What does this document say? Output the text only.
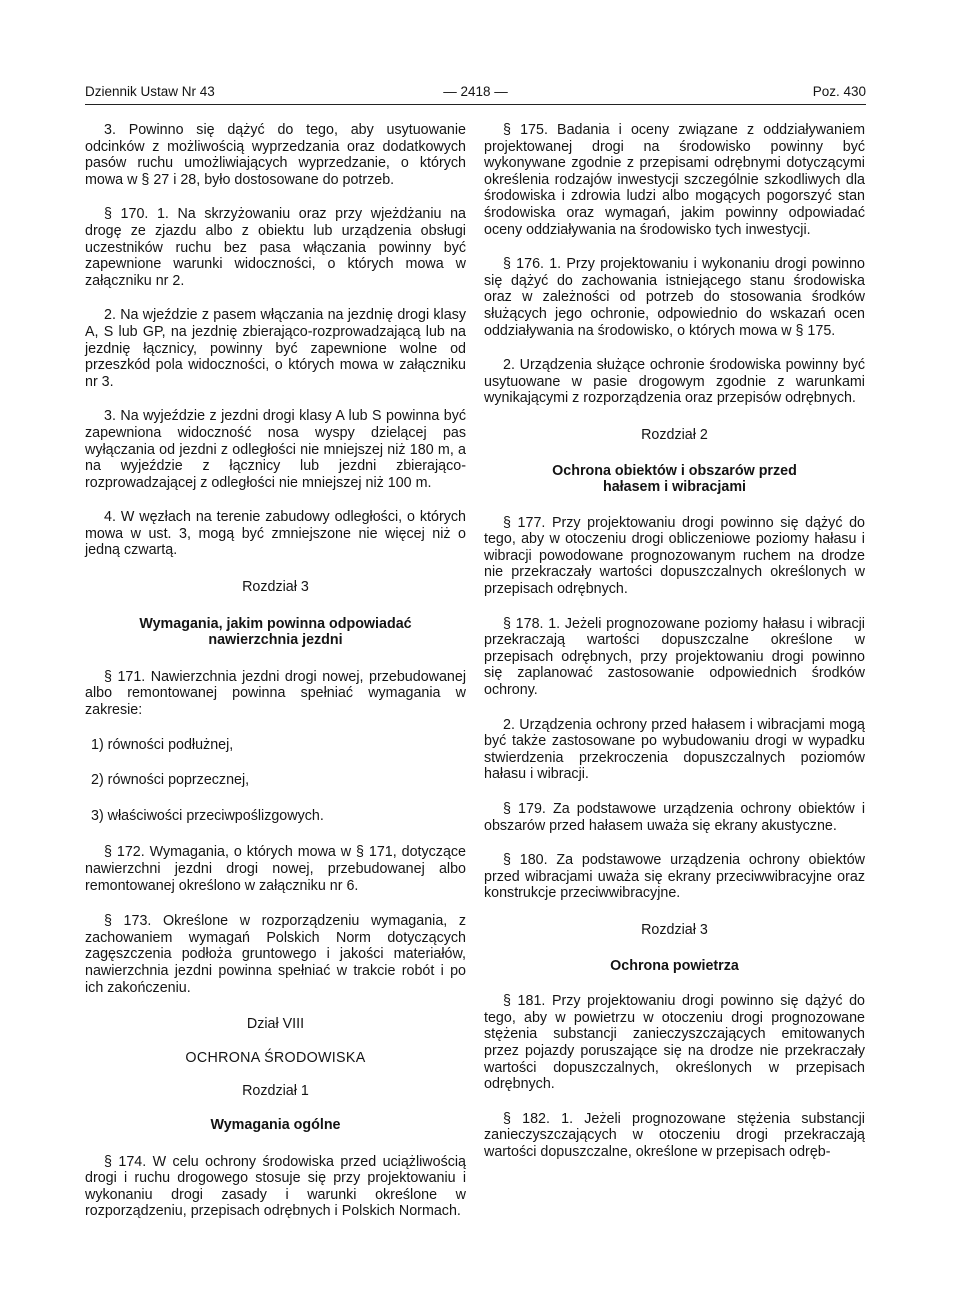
Dziennik Ustaw Nr 43	— 2418 —	Poz. 430

3. Powinno się dążyć do tego, aby usytuowanie odcinków z możliwością wyprzedzania oraz dodatkowych pasów ruchu umożliwiających wyprzedzanie, o których mowa w § 27 i 28, było dostosowane do potrzeb.

§ 170. 1. Na skrzyżowaniu oraz przy wjeżdżaniu na drogę ze zjazdu albo z obiektu lub urządzenia obsługi uczestników ruchu bez pasa włączania powinny być zapewnione warunki widoczności, o których mowa w załączniku nr 2.

2. Na wjeździe z pasem włączania na jezdnię drogi klasy A, S lub GP, na jezdnię zbierająco-rozprowadzającą lub na jezdnię łącznicy, powinny być zapewnione wolne od przeszkód pola widoczności, o których mowa w załączniku nr 3.

3. Na wyjeździe z jezdni drogi klasy A lub S powinna być zapewniona widoczność nosa wyspy dzielącej pas wyłączania od jezdni z odległości nie mniejszej niż 180 m, a na wyjeździe z łącznicy lub jezdni zbierająco-rozprowadzającej z odległości nie mniejszej niż 100 m.

4. W węzłach na terenie zabudowy odległości, o których mowa w ust. 3, mogą być zmniejszone nie więcej niż o jedną czwartą.

Rozdział 3
Wymagania, jakim powinna odpowiadać nawierzchnia jezdni

§ 171. Nawierzchnia jezdni drogi nowej, przebudowanej albo remontowanej powinna spełniać wymagania w zakresie:

1) równości podłużnej,

2) równości poprzecznej,

3) właściwości przeciwpoślizgowych.

§ 172. Wymagania, o których mowa w § 171, dotyczące nawierzchni jezdni drogi nowej, przebudowanej albo remontowanej określono w załączniku nr 6.

§ 173. Określone w rozporządzeniu wymagania, z zachowaniem wymagań Polskich Norm dotyczących zagęszczenia podłoża gruntowego i jakości materiałów, nawierzchnia jezdni powinna spełniać w trakcie robót i po ich zakończeniu.

Dział VIII
OCHRONA ŚRODOWISKA
Rozdział 1
Wymagania ogólne

§ 174. W celu ochrony środowiska przed uciążliwością drogi i ruchu drogowego stosuje się przy projektowaniu i wykonaniu drogi zasady i warunki określone w rozporządzeniu, przepisach odrębnych i Polskich Normach.

§ 175. Badania i oceny związane z oddziaływaniem projektowanej drogi na środowisko powinny być wykonywane zgodnie z przepisami odrębnymi dotyczącymi określenia rodzajów inwestycji szczególnie szkodliwych dla środowiska i zdrowia ludzi albo mogących pogorszyć stan środowiska oraz wymagań, jakim powinny odpowiadać oceny oddziaływania na środowisko tych inwestycji.

§ 176. 1. Przy projektowaniu i wykonaniu drogi powinno się dążyć do zachowania istniejącego stanu środowiska oraz w zależności od potrzeb do stosowania środków służących jego ochronie, odpowiednio do wskazań ocen oddziaływania na środowisko, o których mowa w § 175.

2. Urządzenia służące ochronie środowiska powinny być usytuowane w pasie drogowym zgodnie z warunkami wynikającymi z rozporządzenia oraz przepisów odrębnych.

Rozdział 2
Ochrona obiektów i obszarów przed hałasem i wibracjami

§ 177. Przy projektowaniu drogi powinno się dążyć do tego, aby w otoczeniu drogi obliczeniowe poziomy hałasu i wibracji powodowane prognozowanym ruchem na drodze nie przekraczały wartości dopuszczalnych określonych w przepisach odrębnych.

§ 178. 1. Jeżeli prognozowane poziomy hałasu i wibracji przekraczają wartości dopuszczalne określone w przepisach odrębnych, przy projektowaniu drogi powinno się zaplanować zastosowanie odpowiednich środków ochrony.

2. Urządzenia ochrony przed hałasem i wibracjami mogą być także zastosowane po wybudowaniu drogi w wypadku stwierdzenia przekroczenia dopuszczalnych poziomów hałasu i wibracji.

§ 179. Za podstawowe urządzenia ochrony obiektów i obszarów przed hałasem uważa się ekrany akustyczne.

§ 180. Za podstawowe urządzenia ochrony obiektów przed wibracjami uważa się ekrany przeciwwibracyjne oraz konstrukcje przeciwwibracyjne.

Rozdział 3
Ochrona powietrza

§ 181. Przy projektowaniu drogi powinno się dążyć do tego, aby w powietrzu w otoczeniu drogi prognozowane stężenia substancji zanieczyszczających emitowanych przez pojazdy poruszające się na drodze nie przekraczały wartości dopuszczalnych, określonych w przepisach odrębnych.

§ 182. 1. Jeżeli prognozowane stężenia substancji zanieczyszczających w otoczeniu drogi przekraczają wartości dopuszczalne, określone w przepisach odręb-
